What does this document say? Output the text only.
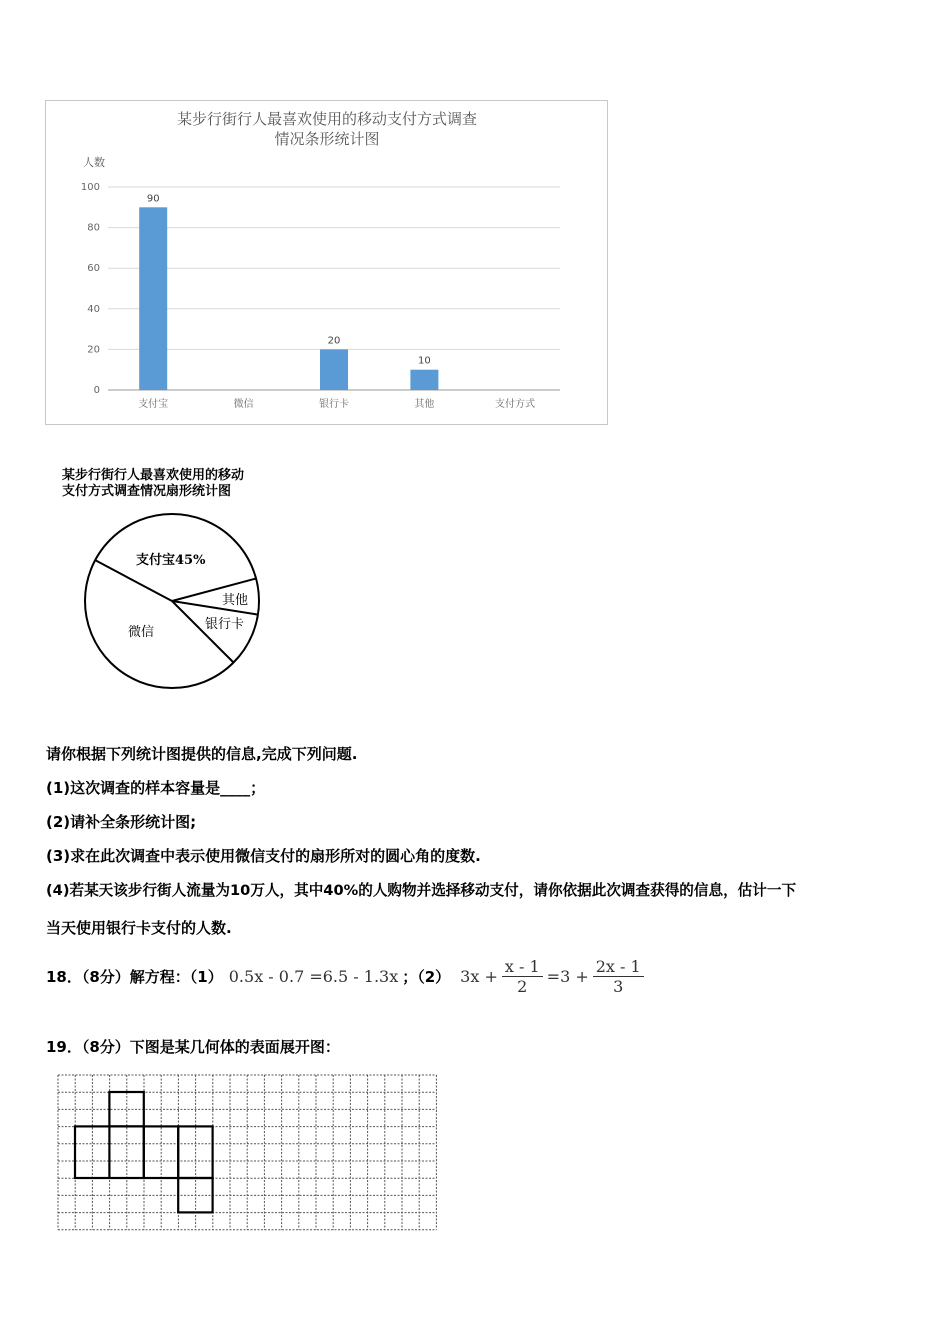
某步行街行人最喜欢使用的移动支付方式调查
情况条形统计图
人数
0
20
40
60
80
100
90
20
10
支付宝	微信	银行卡	其他	支付方式
某步行街行人最喜欢使用的移动
支付方式调查情况扇形统计图
支付宝45%
其他
银行卡
微信
请你根据下列统计图提供的信息,完成下列问题.
(1)这次调查的样本容量是____；
(2)请补全条形统计图;
(3)求在此次调查中表示使用微信支付的扇形所对的圆心角的度数.
(4)若某天该步行街人流量为10万人，其中40%的人购物并选择移动支付，请你依据此次调查获得的信息，估计一下
当天使用银行卡支付的人数.
18．（8分）解方程：（1） 0.5x - 0.7 =6.5 - 1.3x ；（2） $3x + \frac{x - 1}{2} =3 + \frac{2x - 1}{3}$
19．（8分）下图是某几何体的表面展开图：
